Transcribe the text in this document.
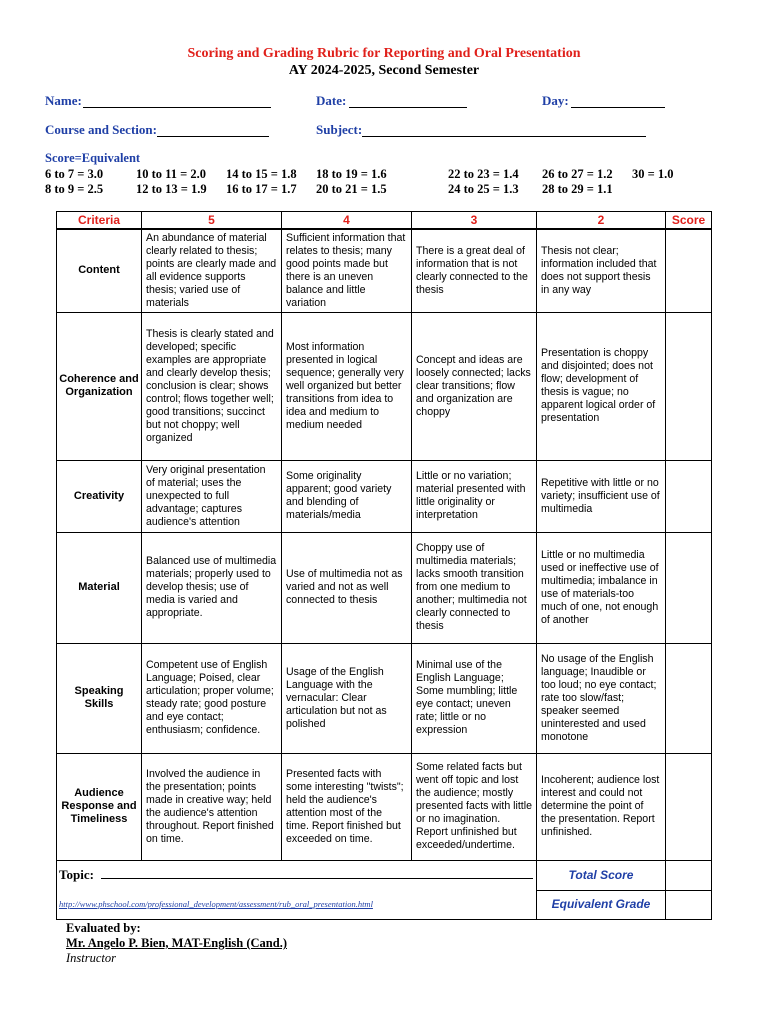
Scoring and Grading Rubric for Reporting and Oral Presentation
AY 2024-2025, Second Semester
Name:	Date:	Day:
Course and Section:	Subject:
Score=Equivalent
6 to 7 = 3.0	10 to 11 = 2.0 14 to 15 = 1.8 18 to 19 = 1.6	22 to 23 = 1.4 26 to 27 = 1.2 30 = 1.0
8 to 9 = 2.5	12 to 13 = 1.9 16 to 17 = 1.7 20 to 21 = 1.5	24 to 25 = 1.3 28 to 29 = 1.1
Criteria	5	4	3	2	Score
Content	An abundance of material clearly related to thesis; points are clearly made and all evidence supports thesis; varied use of materials	Sufficient information that relates to thesis; many good points made but there is an uneven balance and little variation	There is a great deal of information that is not clearly connected to the thesis	Thesis not clear; information included that does not support thesis in any way	
Coherence and Organization	Thesis is clearly stated and developed; specific examples are appropriate and clearly develop thesis; conclusion is clear; shows control; flows together well; good transitions; succinct but not choppy; well organized	Most information presented in logical sequence; generally very well organized but better transitions from idea to idea and medium to medium needed	Concept and ideas are loosely connected; lacks clear transitions; flow and organization are choppy	Presentation is choppy and disjointed; does not flow; development of thesis is vague; no apparent logical order of presentation	
Creativity	Very original presentation of material; uses the unexpected to full advantage; captures audience's attention	Some originality apparent; good variety and blending of materials/media	Little or no variation; material presented with little originality or interpretation	Repetitive with little or no variety; insufficient use of multimedia	
Material	Balanced use of multimedia materials; properly used to develop thesis; use of media is varied and appropriate.	Use of multimedia not as varied and not as well connected to thesis	Choppy use of multimedia materials; lacks smooth transition from one medium to another; multimedia not clearly connected to thesis	Little or no multimedia used or ineffective use of multimedia; imbalance in use of materials-too much of one, not enough of another	
Speaking Skills	Competent use of English Language; Poised, clear articulation; proper volume; steady rate; good posture and eye contact; enthusiasm; confidence.	Usage of the English Language with the vernacular: Clear articulation but not as polished	Minimal use of the English Language; Some mumbling; little eye contact; uneven rate; little or no expression	No usage of the English language; Inaudible or too loud; no eye contact; rate too slow/fast; speaker seemed uninterested and used monotone	
Audience Response and Timeliness	Involved the audience in the presentation; points made in creative way; held the audience's attention throughout. Report finished on time.	Presented facts with some interesting "twists"; held the audience's attention most of the time. Report finished but exceeded on time.	Some related facts but went off topic and lost the audience; mostly presented facts with little or no imagination. Report unfinished but exceeded/undertime.	Incoherent; audience lost interest and could not determine the point of the presentation. Report unfinished.	
Topic:				Total Score	
http://www.phschool.com/professional_development/assessment/rub_oral_presentation.html				Equivalent Grade	
Evaluated by:
Mr. Angelo P. Bien, MAT-English (Cand.)
Instructor
